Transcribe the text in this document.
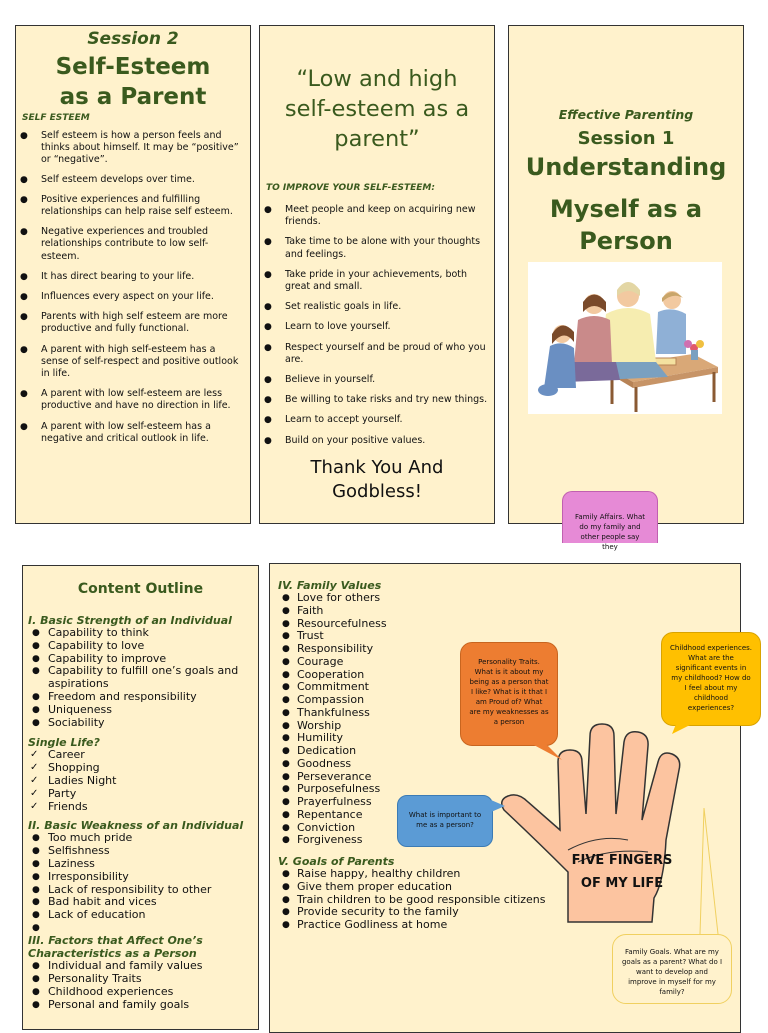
Session 2
Self-Esteem
as a Parent
SELF ESTEEM
● Self esteem is how a person feels and thinks about himself. It may be “positive” or “negative”.
● Self esteem develops over time.
● Positive experiences and fulfilling relationships can help raise self esteem.
● Negative experiences and troubled relationships contribute to low self-esteem.
● It has direct bearing to your life.
● Influences every aspect on your life.
● Parents with high self esteem are more productive and fully functional.
● A parent with high self-esteem has a sense of self-respect and positive outlook in life.
● A parent with low self-esteem are less productive and have no direction in life.
● A parent with low self-esteem has a negative and critical outlook in life.
“Low and high self-esteem as a parent”
TO IMPROVE YOUR SELF-ESTEEM:
● Meet people and keep on acquiring new friends.
● Take time to be alone with your thoughts and feelings.
● Take pride in your achievements, both great and small.
● Set realistic goals in life.
● Learn to love yourself.
● Respect yourself and be proud of who you are.
● Believe in yourself.
● Be willing to take risks and try new things.
● Learn to accept yourself.
● Build on your positive values.
Thank You And Godbless!
Effective Parenting
Session 1
Understanding
Myself as a
Person
Family Affairs. What do my family and other people say they
Content Outline
I. Basic Strength of an Individual
● Capability to think
● Capability to love
● Capability to improve
● Capability to fulfill one’s goals and aspirations
● Freedom and responsibility
● Uniqueness
● Sociability
Single Life?
✓ Career
✓ Shopping
✓ Ladies Night
✓ Party
✓ Friends
II. Basic Weakness of an Individual
● Too much pride
● Selfishness
● Laziness
● Irresponsibility
● Lack of responsibility to other
● Bad habit and vices
● Lack of education
●
III. Factors that Affect One’s Characteristics as a Person
● Individual and family values
● Personality Traits
● Childhood experiences
● Personal and family goals
IV. Family Values
● Love for others
● Faith
● Resourcefulness
● Trust
● Responsibility
● Courage
● Cooperation
● Commitment
● Compassion
● Thankfulness
● Worship
● Humility
● Dedication
● Goodness
● Perseverance
● Purposefulness
● Prayerfulness
● Repentance
● Conviction
● Forgiveness
V. Goals of Parents
● Raise happy, healthy children
● Give them proper education
● Train children to be good responsible citizens
● Provide security to the family
● Practice Godliness at home
FIVE FINGERS
OF MY LIFE
Personality Traits. What is it about my being as a person that I like? What is it that I am Proud of? What are my weaknesses as a person
Childhood experiences. What are the significant events in my childhood? How do I feel about my childhood experiences?
What is important to me as a person?
Family Goals. What are my goals as a parent? What do I want to develop and improve in myself for my family?
